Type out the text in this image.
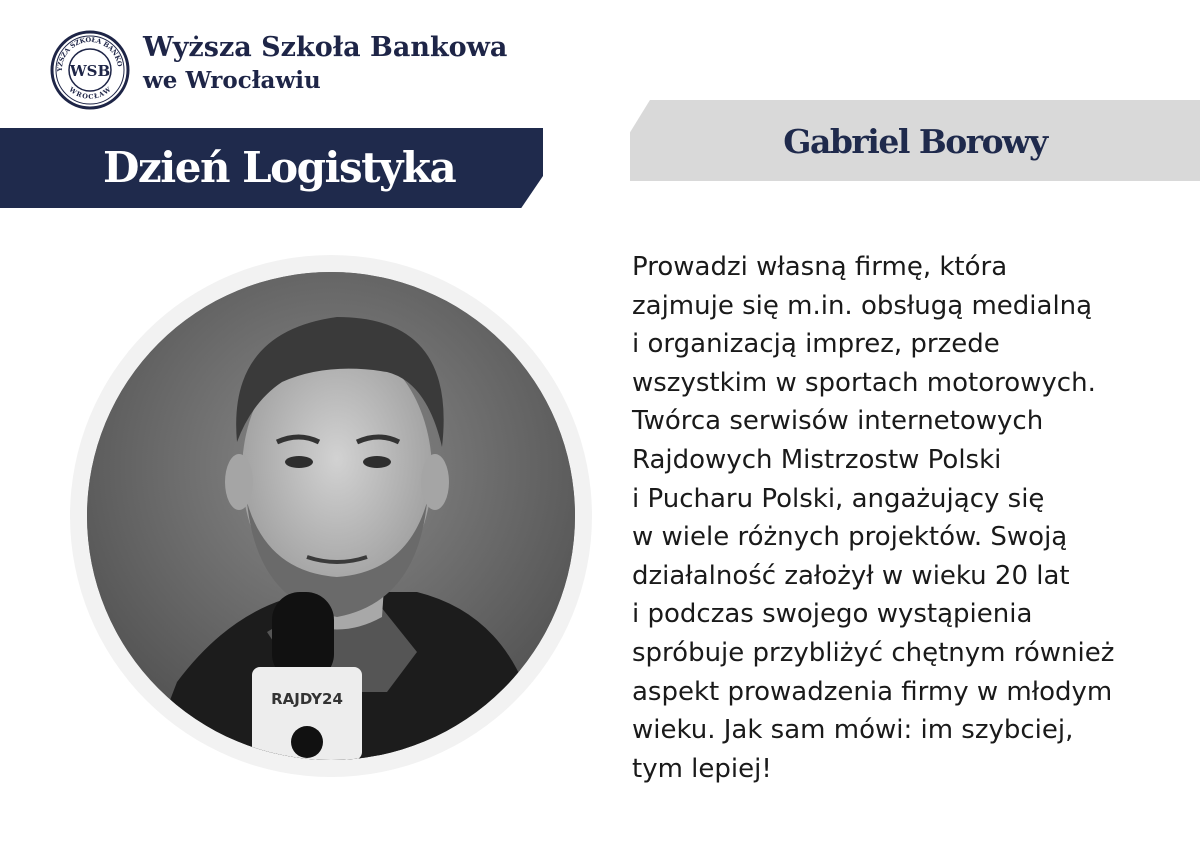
YŻSZA SZKOŁA BANKO
WROCŁAW
WSB
Wyższa Szkoła Bankowa
we Wrocławiu
Dzień Logistyka
Gabriel Borowy
RAJDY24

Prowadzi własną firmę, która
zajmuje się m.in. obsługą medialną
i organizacją imprez, przede
wszystkim w sportach motorowych.
Twórca serwisów internetowych
Rajdowych Mistrzostw Polski
i Pucharu Polski, angażujący się
w wiele różnych projektów. Swoją
działalność założył w wieku 20 lat
i podczas swojego wystąpienia
spróbuje przybliżyć chętnym również
aspekt prowadzenia firmy w młodym
wieku. Jak sam mówi: im szybciej,
tym lepiej!
